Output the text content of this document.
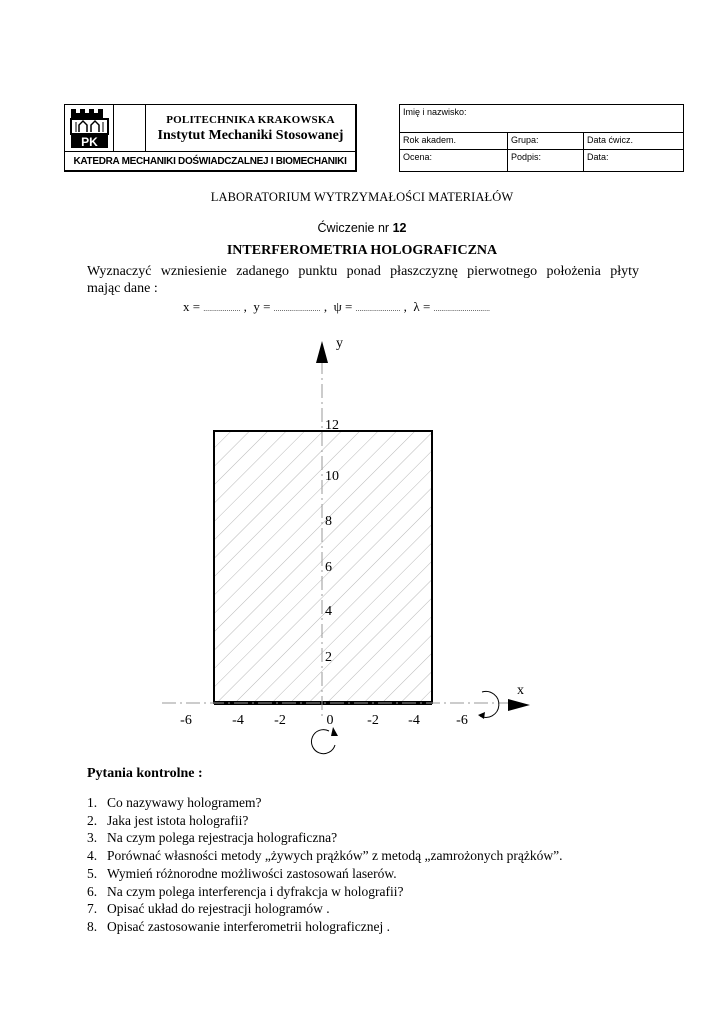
PK
POLITECHNIKA KRAKOWSKA
Instytut Mechaniki Stosowanej
KATEDRA MECHANIKI DOŚWIADCZALNEJ I BIOMECHANIKI
Imię i nazwisko:
Rok akadem.	Grupa:	Data ćwicz.
Ocena:	Podpis:	Data:
LABORATORIUM WYTRZYMAŁOŚCI MATERIAŁÓW
Ćwiczenie nr 12
INTERFEROMETRIA HOLOGRAFICZNA
Wyznaczyć wzniesienie zadanego punktu ponad płaszczyznę pierwotnego położenia płyty
mając dane :
x = ................... , y = ........................ , ψ = ....................... , λ = .............................
y
x
12
10
8
6
4
2
-6	-4 -2	0 -2 -4	-6
Pytania kontrolne :
1. Co nazywawy hologramem?
2. Jaka jest istota holografii?
3. Na czym polega rejestracja holograficzna?
4. Porównać własności metody „żywych prążków” z metodą „zamrożonych prążków”.
5. Wymień różnorodne możliwości zastosowań laserów.
6. Na czym polega interferencja i dyfrakcja w holografii?
7. Opisać układ do rejestracji hologramów .
8. Opisać zastosowanie interferometrii holograficznej .
